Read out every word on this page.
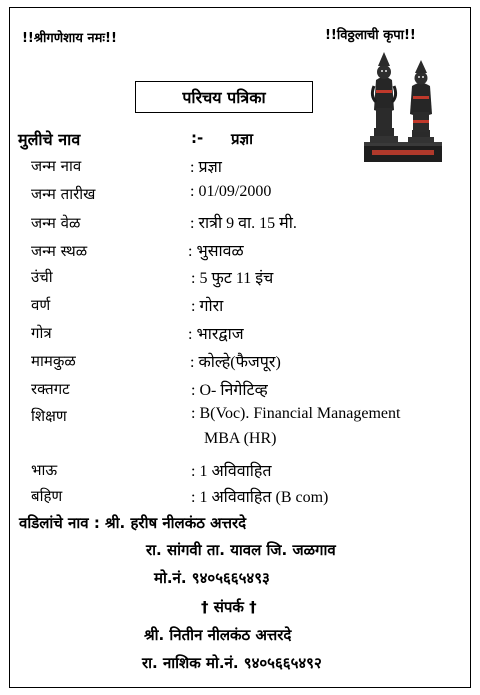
!!श्रीगणेशाय नमः!!	!!विठ्ठलाची कृपा!!
परिचय पत्रिका
मुलीचे नाव	:- प्रज्ञा
जन्म नाव	: प्रज्ञा
जन्म तारीख	: 01/09/2000
जन्म वेळ	: रात्री 9 वा. 15 मी.
जन्म स्थळ	: भुसावळ
उंची	: 5 फुट 11 इंच
वर्ण	: गोरा
गोत्र	: भारद्वाज
मामकुळ	: कोल्हे(फैजपूर)
रक्तगट	: O- निगेटिव्ह
शिक्षण	: B(Voc). Financial Management
MBA (HR)
भाऊ	: 1 अविवाहित
बहिण	: 1 अविवाहित (B com)
वडिलांचे नाव : श्री. हरीष नीलकंठ अत्तरदे
रा. सांगवी ता. यावल जि. जळगाव
मो.नं. ९४०५६६५४९३
† संपर्क †
श्री. नितीन नीलकंठ अत्तरदे
रा. नाशिक मो.नं. ९४०५६६५४९२
